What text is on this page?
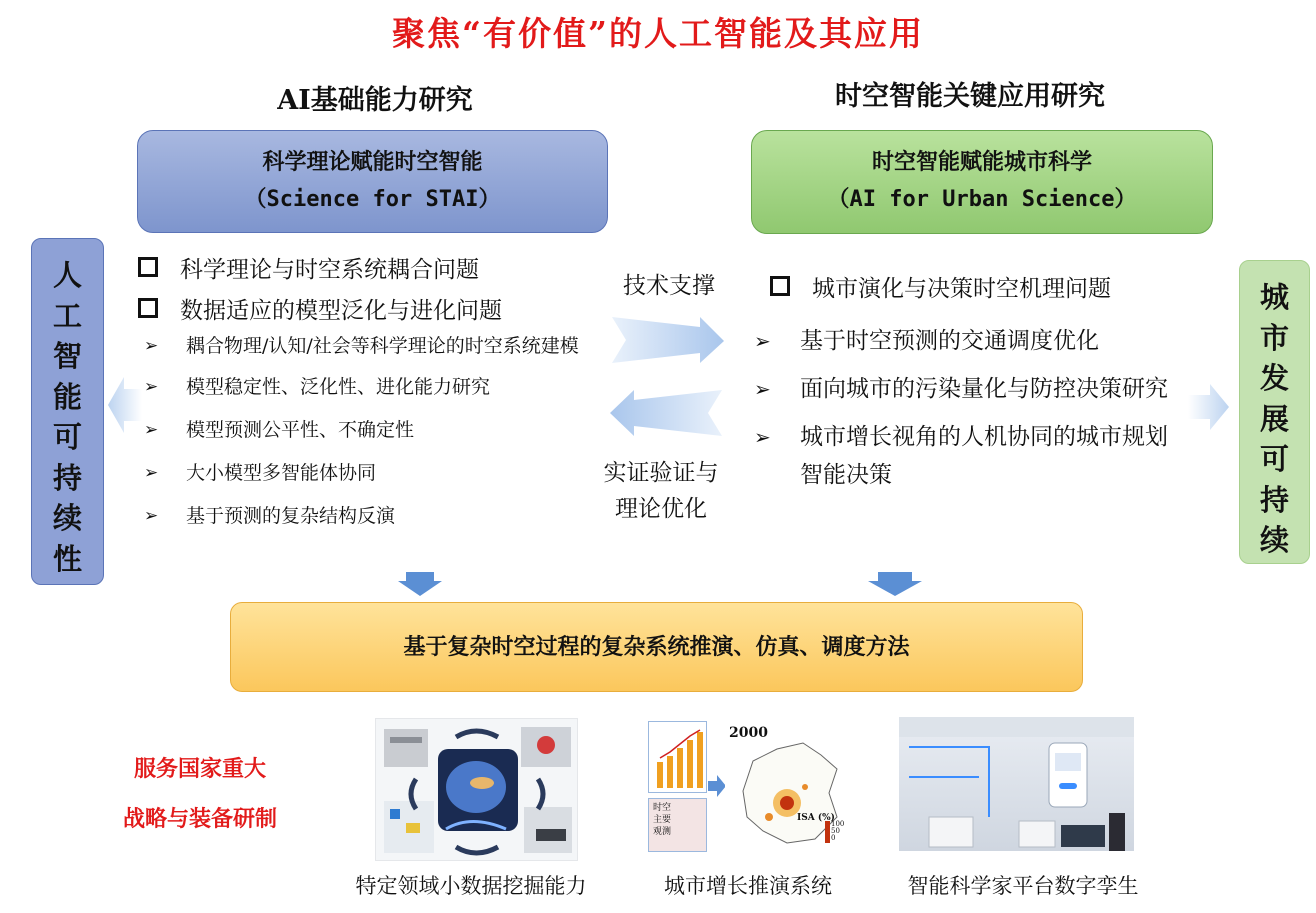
聚焦“有价值”的人工智能及其应用
AI基础能力研究	时空智能关键应用研究
科学理论赋能时空智能
（Science for STAI）
时空智能赋能城市科学
（AI for Urban Science）
人
工
智
能
可
持
续
性
城
市
发
展
可
持
续
科学理论与时空系统耦合问题
数据适应的模型泛化与进化问题
➢	耦合物理/认知/社会等科学理论的时空系统建模
➢	模型稳定性、泛化性、进化能力研究
➢	模型预测公平性、不确定性
➢	大小模型多智能体协同
➢	基于预测的复杂结构反演
技术支撑
实证验证与
理论优化
城市演化与决策时空机理问题
➢	基于时空预测的交通调度优化
➢	面向城市的污染量化与防控决策研究
➢	城市增长视角的人机协同的城市规划智能决策
基于复杂时空过程的复杂系统推演、仿真、调度方法
服务国家重大
战略与装备研制	时空
主要
观测
2000
ISA (%)
100
50
0
特定领域小数据挖掘能力	城市增长推演系统	智能科学家平台数字孪生
